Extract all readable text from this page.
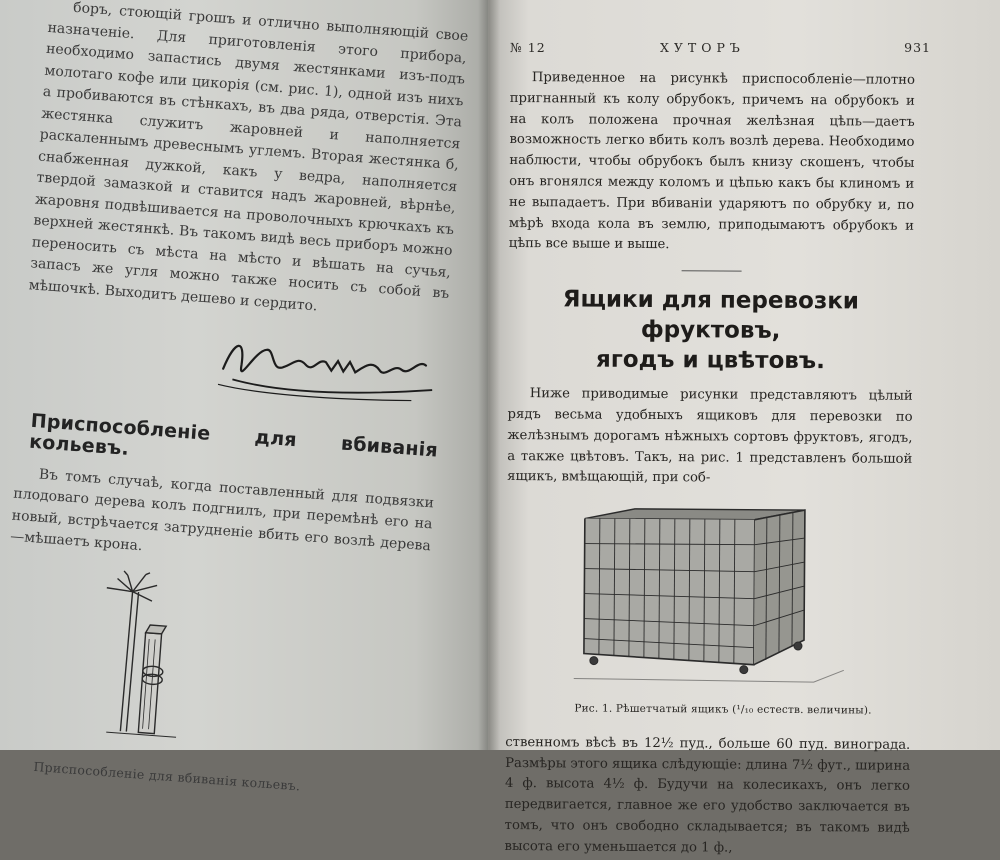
боръ, стоющій грошъ и отлично выполняющій свое назначеніе. Для приготовленія этого прибора, необходимо запастись двумя жестянками изъ-подъ молотаго кофе или цикорія (см. рис. 1), одной изъ нихъ а пробиваются въ стѣнкахъ, въ два ряда, отверстія. Эта жестянка служитъ жаровней и наполняется раскаленнымъ древеснымъ углемъ. Вторая жестянка б, снабженная дужкой, какъ у ведра, наполняется твердой замазкой и ставится надъ жаровней, вѣрнѣе, жаровня подвѣшивается на проволочныхъ крючкахъ къ верхней жестянкѣ. Въ такомъ видѣ весь приборъ можно переносить съ мѣста на мѣсто и вѣшать на сучья, запасъ же угля можно также носить съ собой въ мѣшочкѣ. Выходитъ дешево и сердито.

Приспособленіе для вбиванія кольевъ.

Въ томъ случаѣ, когда поставленный для подвязки плодоваго дерева колъ подгнилъ, при перемѣнѣ его на новый, встрѣчается затрудненіе вбить его возлѣ дерева—мѣшаетъ крона.

Приспособленіе для вбиванія кольевъ.
№ 12	ХУТОРЪ	931

Приведенное на рисункѣ приспособленіе—плотно пригнанный къ колу обрубокъ, причемъ на обрубокъ и на колъ положена прочная желѣзная цѣпь—даетъ возможность легко вбить колъ возлѣ дерева. Необходимо наблюсти, чтобы обрубокъ былъ книзу скошенъ, чтобы онъ вгонялся между коломъ и цѣпью какъ бы клиномъ и не выпадаетъ. При вбиваніи ударяютъ по обрубку и, по мѣрѣ входа кола въ землю, приподымаютъ обрубокъ и цѣпь все выше и выше.

Ящики для перевозки фруктовъ,
ягодъ и цвѣтовъ.

Ниже приводимые рисунки представляютъ цѣлый рядъ весьма удобныхъ ящиковъ для перевозки по желѣзнымъ дорогамъ нѣжныхъ сортовъ фруктовъ, ягодъ, а также цвѣтовъ. Такъ, на рис. 1 представленъ большой ящикъ, вмѣщающій, при соб-

Рис. 1. Рѣшетчатый ящикъ (¹/₁₀ естеств. величины).

ственномъ вѣсѣ въ 12½ пуд., больше 60 пуд. винограда. Размѣры этого ящика слѣдующіе: длина 7½ фут., ширина 4 ф. высота 4½ ф. Будучи на колесикахъ, онъ легко передвигается, главное же его удобство заключается въ томъ, что онъ свободно складывается; въ такомъ видѣ высота его уменьшается до 1 ф.,
